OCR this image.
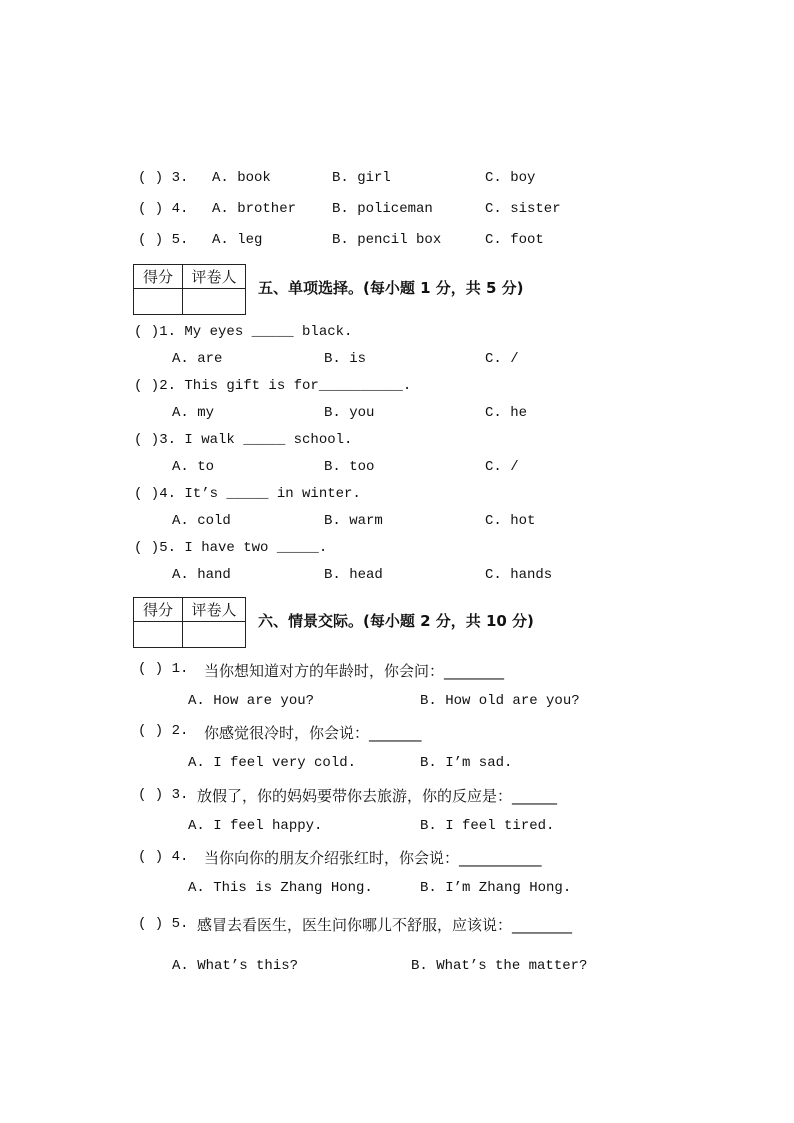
( ) 3. A. book	B. girl	C. boy
( ) 4. A. brother	B. policeman	C. sister
( ) 5. A. leg	B. pencil box	C. foot
得分	评卷人

五、单项选择。(每小题 1 分，共 5 分)
( )1. My eyes _____ black.
A. are	B. is	C. /
( )2. This gift is for__________.
A. my	B. you	C. he
( )3. I walk _____ school.
A. to	B. too	C. /
( )4. It’s _____ in winter.
A. cold	B. warm	C. hot
( )5. I have two _____.
A. hand	B. head	C. hands
得分	评卷人

六、情景交际。(每小题 2 分，共 10 分)
( ) 1. 当你想知道对方的年龄时，你会问：________
A. How are you?	B. How old are you?
( ) 2. 你感觉很冷时，你会说：_______
A. I feel very cold.	B. I’m sad.
( ) 3. 放假了，你的妈妈要带你去旅游，你的反应是：______
A. I feel happy.	B. I feel tired.
( ) 4. 当你向你的朋友介绍张红时，你会说：___________
A. This is Zhang Hong.	B. I’m Zhang Hong.
( ) 5. 感冒去看医生，医生问你哪儿不舒服，应该说：________
A. What’s this?	B. What’s the matter?
